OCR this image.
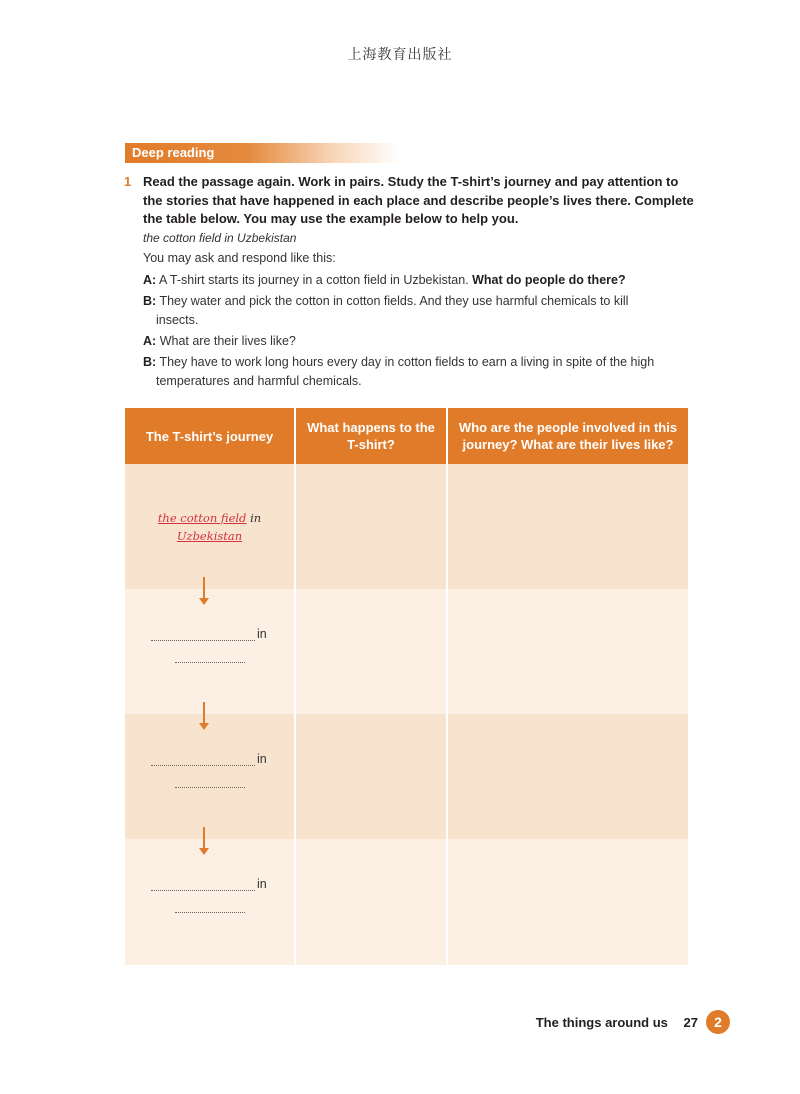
上海教育出版社
Deep reading
1 Read the passage again. Work in pairs. Study the T-shirt’s journey and pay attention to the stories that have happened in each place and describe people’s lives there. Complete the table below. You may use the example below to help you.
the cotton field in Uzbekistan
You may ask and respond like this:
A: A T-shirt starts its journey in a cotton field in Uzbekistan. What do people do there?
B: They water and pick the cotton in cotton fields. And they use harmful chemicals to kill
insects.
A: What are their lives like?
B: They have to work long hours every day in cotton fields to earn a living in spite of the high
temperatures and harmful chemicals.
The T-shirt’s journey	What happens to the T-shirt?	Who are the people involved in this journey? What are their lives like?

the cotton field in
Uzbekistan		

in		

in		

in		

The things around us 27	2
